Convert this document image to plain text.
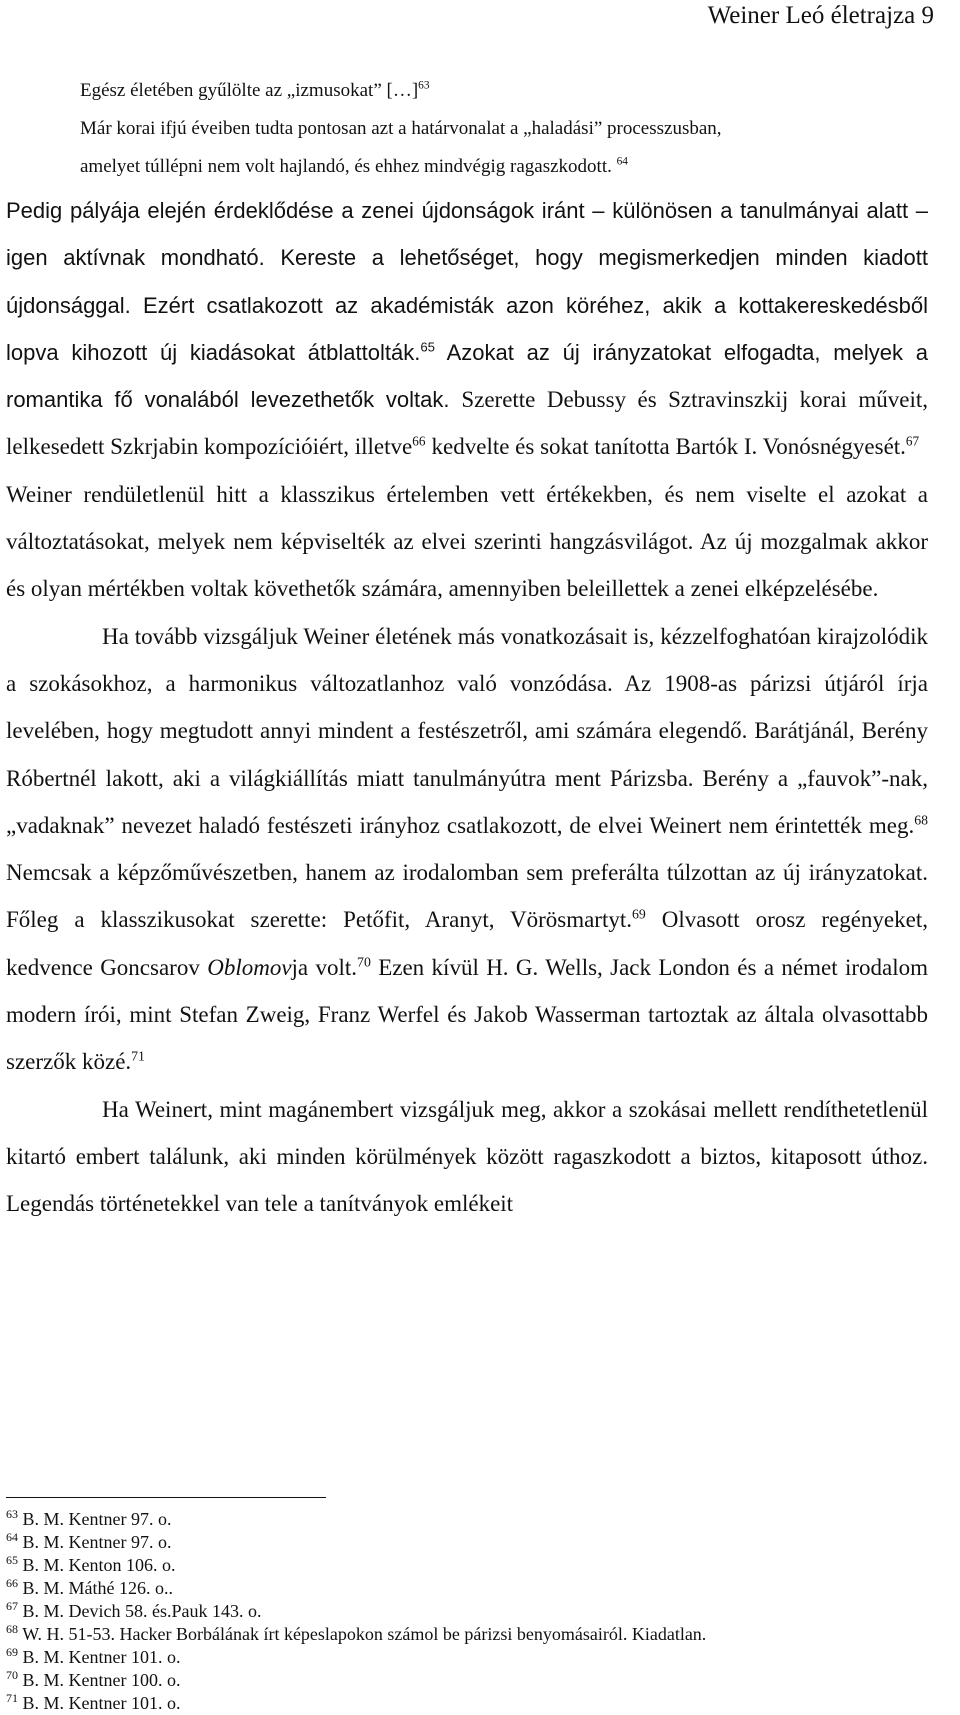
Weiner Leó életrajza 9

Egész életében gyűlölte az „izmusokat” […]$^{63}$

Már korai ifjú éveiben tudta pontosan azt a határvonalat a „haladási” processzusban,

amelyet túllépni nem volt hajlandó, és ehhez mindvégig ragaszkodott. $^{64}$

Pedig pályája elején érdeklődése a zenei újdonságok iránt – különösen a tanulmányai alatt – igen aktívnak mondható. Kereste a lehetőséget, hogy megismerkedjen minden kiadott újdonsággal. Ezért csatlakozott az akadémisták azon köréhez, akik a kottakereskedésből lopva kihozott új kiadásokat átblattolták.$^{65}$ Azokat az új irányzatokat elfogadta, melyek a romantika fő vonalából levezethetők voltak. Szerette Debussy és Sztravinszkij korai műveit, lelkesedett Szkrjabin kompozícióiért, illetve$^{66}$ kedvelte és sokat tanította Bartók I. Vonósnégyesét.$^{67}$

Weiner rendületlenül hitt a klasszikus értelemben vett értékekben, és nem viselte el azokat a változtatásokat, melyek nem képviselték az elvei szerinti hangzásvilágot. Az új mozgalmak akkor és olyan mértékben voltak követhetők számára, amennyiben beleillettek a zenei elképzelésébe.

Ha tovább vizsgáljuk Weiner életének más vonatkozásait is, kézzelfoghatóan kirajzolódik a szokásokhoz, a harmonikus változatlanhoz való vonzódása. Az 1908-as párizsi útjáról írja levelében, hogy megtudott annyi mindent a festészetről, ami számára elegendő. Barátjánál, Berény Róbertnél lakott, aki a világkiállítás miatt tanulmányútra ment Párizsba. Berény a „fauvok”-nak, „vadaknak” nevezet haladó festészeti irányhoz csatlakozott, de elvei Weinert nem érintették meg.$^{68}$ Nemcsak a képzőművészetben, hanem az irodalomban sem preferálta túlzottan az új irányzatokat. Főleg a klasszikusokat szerette: Petőfit, Aranyt, Vörösmartyt.$^{69}$ Olvasott orosz regényeket, kedvence Goncsarov Oblomovja volt.$^{70}$ Ezen kívül H. G. Wells, Jack London és a német irodalom modern írói, mint Stefan Zweig, Franz Werfel és Jakob Wasserman tartoztak az általa olvasottabb szerzők közé.$^{71}$

Ha Weinert, mint magánembert vizsgáljuk meg, akkor a szokásai mellett rendíthetetlenül kitartó embert találunk, aki minden körülmények között ragaszkodott a biztos, kitaposott úthoz. Legendás történetekkel van tele a tanítványok emlékeit

$^{63}$ B. M. Kentner 97. o.

$^{64}$ B. M. Kentner 97. o.

$^{65}$ B. M. Kenton 106. o.

$^{66}$ B. M. Máthé 126. o..

$^{67}$ B. M. Devich 58. és.Pauk 143. o.

$^{68}$ W. H. 51-53. Hacker Borbálának írt képeslapokon számol be párizsi benyomásairól. Kiadatlan.

$^{69}$ B. M. Kentner 101. o.

$^{70}$ B. M. Kentner 100. o.

$^{71}$ B. M. Kentner 101. o.
